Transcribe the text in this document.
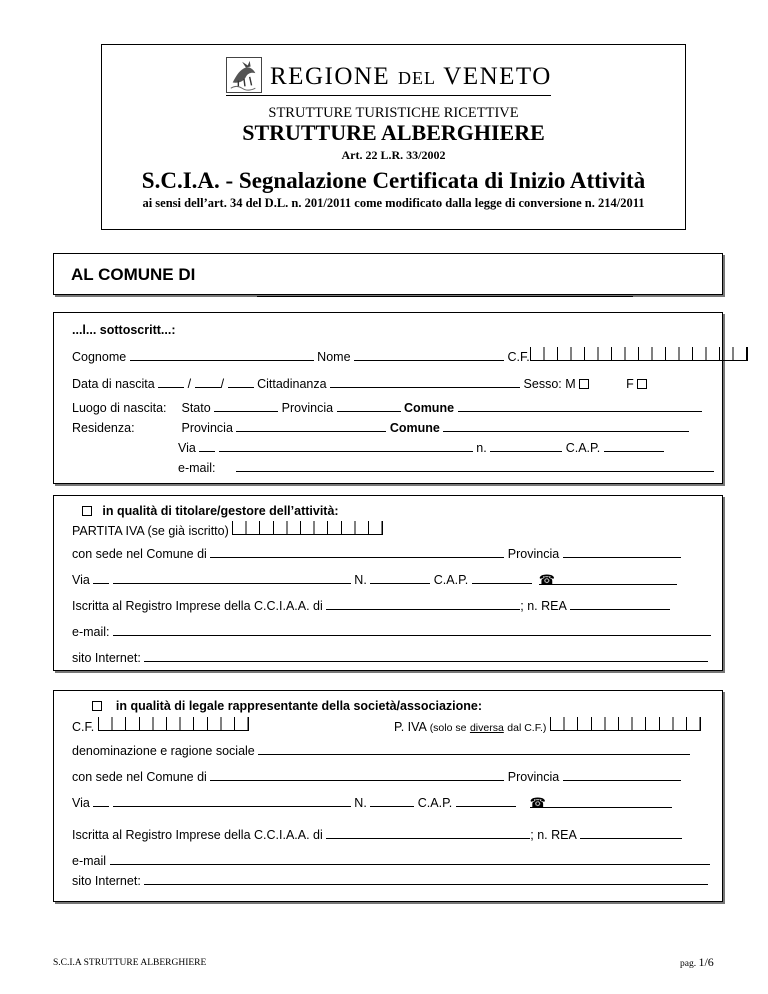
REGIONE DEL VENETO
STRUTTURE TURISTICHE RICETTIVE
STRUTTURE ALBERGHIERE
Art. 22 L.R. 33/2002
S.C.I.A. - Segnalazione Certificata di Inizio Attività
ai sensi dell’art. 34 del D.L. n. 201/2011 come modificato dalla legge di conversione n. 214/2011
AL COMUNE DI
...l... sottoscritt...:
Cognome	Nome	C.F.
Data di nascita	/ /	Cittadinanza	Sesso: M	F
Luogo di nascita: Stato	Provincia	Comune
Residenza:	Provincia	Comune
Via	n.	C.A.P.
e-mail:
in qualità di titolare/gestore dell’attività:
PARTITA IVA (se già iscritto)
con sede nel Comune di	Provincia
Via	N.	C.A.P.	☎
Iscritta al Registro Imprese della C.C.I.A.A. di	; n. REA
e-mail:
sito Internet:
in qualità di legale rappresentante della società/associazione:
C.F.	P. IVA (solo se diversa dal C.F.)
denominazione e ragione sociale
con sede nel Comune di	Provincia
Via	N.	C.A.P.	☎
Iscritta al Registro Imprese della C.C.I.A.A. di	; n. REA
e-mail
sito Internet:
S.C.I.A STRUTTURE ALBERGHIERE	pag. 1/6
